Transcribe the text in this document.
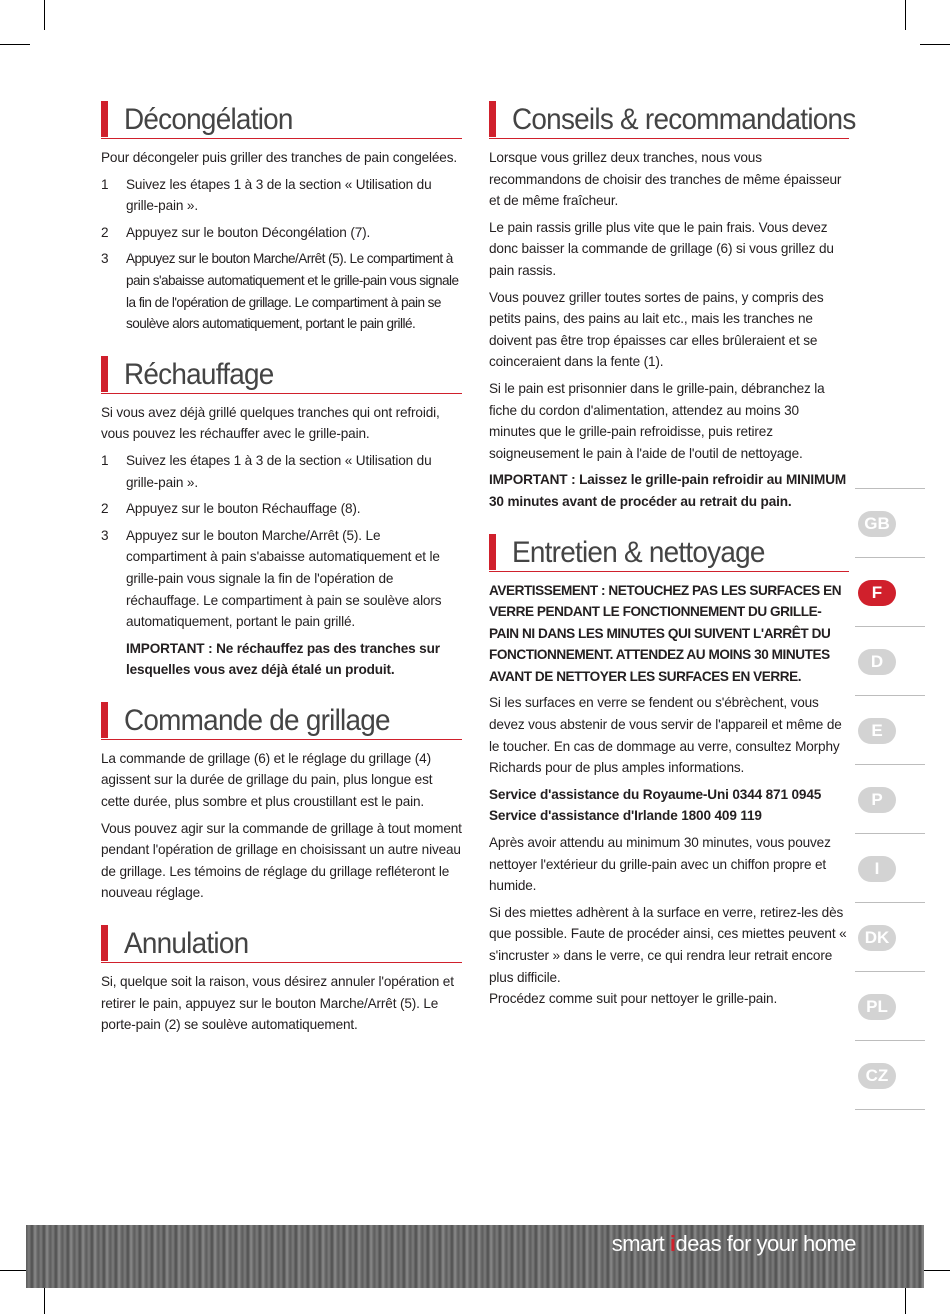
Décongélation

Pour décongeler puis griller des tranches de pain congelées.

1 Suivez les étapes 1 à 3 de la section « Utilisation du grille-pain ».
2 Appuyez sur le bouton Décongélation (7).
3 Appuyez sur le bouton Marche/Arrêt (5). Le compartiment à pain s'abaisse automatiquement et le grille-pain vous signale la fin de l'opération de grillage. Le compartiment à pain se soulève alors automatiquement, portant le pain grillé.
Réchauffage

Si vous avez déjà grillé quelques tranches qui ont refroidi, vous pouvez les réchauffer avec le grille-pain.

1 Suivez les étapes 1 à 3 de la section « Utilisation du grille-pain ».
2 Appuyez sur le bouton Réchauffage (8).
3 Appuyez sur le bouton Marche/Arrêt (5). Le compartiment à pain s'abaisse automatiquement et le grille-pain vous signale la fin de l'opération de réchauffage. Le compartiment à pain se soulève alors automatiquement, portant le pain grillé.

IMPORTANT : Ne réchauffez pas des tranches sur lesquelles vous avez déjà étalé un produit.

Commande de grillage

La commande de grillage (6) et le réglage du grillage (4) agissent sur la durée de grillage du pain, plus longue est cette durée, plus sombre et plus croustillant est le pain.

Vous pouvez agir sur la commande de grillage à tout moment pendant l'opération de grillage en choisissant un autre niveau de grillage. Les témoins de réglage du grillage refléteront le nouveau réglage.

Annulation

Si, quelque soit la raison, vous désirez annuler l'opération et retirer le pain, appuyez sur le bouton Marche/Arrêt (5). Le porte-pain (2) se soulève automatiquement.

Conseils & recommandations

Lorsque vous grillez deux tranches, nous vous recommandons de choisir des tranches de même épaisseur et de même fraîcheur.

Le pain rassis grille plus vite que le pain frais. Vous devez donc baisser la commande de grillage (6) si vous grillez du pain rassis.

Vous pouvez griller toutes sortes de pains, y compris des petits pains, des pains au lait etc., mais les tranches ne doivent pas être trop épaisses car elles brûleraient et se coinceraient dans la fente (1).

Si le pain est prisonnier dans le grille-pain, débranchez la fiche du cordon d'alimentation, attendez au moins 30 minutes que le grille-pain refroidisse, puis retirez soigneusement le pain à l'aide de l'outil de nettoyage.

IMPORTANT : Laissez le grille-pain refroidir au MINIMUM 30 minutes avant de procéder au retrait du pain.

Entretien & nettoyage

AVERTISSEMENT : NETOUCHEZ PAS LES SURFACES EN VERRE PENDANT LE FONCTIONNEMENT DU GRILLE-PAIN NI DANS LES MINUTES QUI SUIVENT L'ARRÊT DU FONCTIONNEMENT. ATTENDEZ AU MOINS 30 MINUTES AVANT DE NETTOYER LES SURFACES EN VERRE.

Si les surfaces en verre se fendent ou s'ébrèchent, vous devez vous abstenir de vous servir de l'appareil et même de le toucher. En cas de dommage au verre, consultez Morphy Richards pour de plus amples informations.

Service d'assistance du Royaume-Uni 0344 871 0945

Service d'assistance d'Irlande 1800 409 119

Après avoir attendu au minimum 30 minutes, vous pouvez nettoyer l'extérieur du grille-pain avec un chiffon propre et humide.

Si des miettes adhèrent à la surface en verre, retirez-les dès que possible. Faute de procéder ainsi, ces miettes peuvent « s'incruster » dans le verre, ce qui rendra leur retrait encore plus difficile.

Procédez comme suit pour nettoyer le grille-pain.

GB
F
D
E
P
I
DK
PL
CZ
smart ideas for your home
